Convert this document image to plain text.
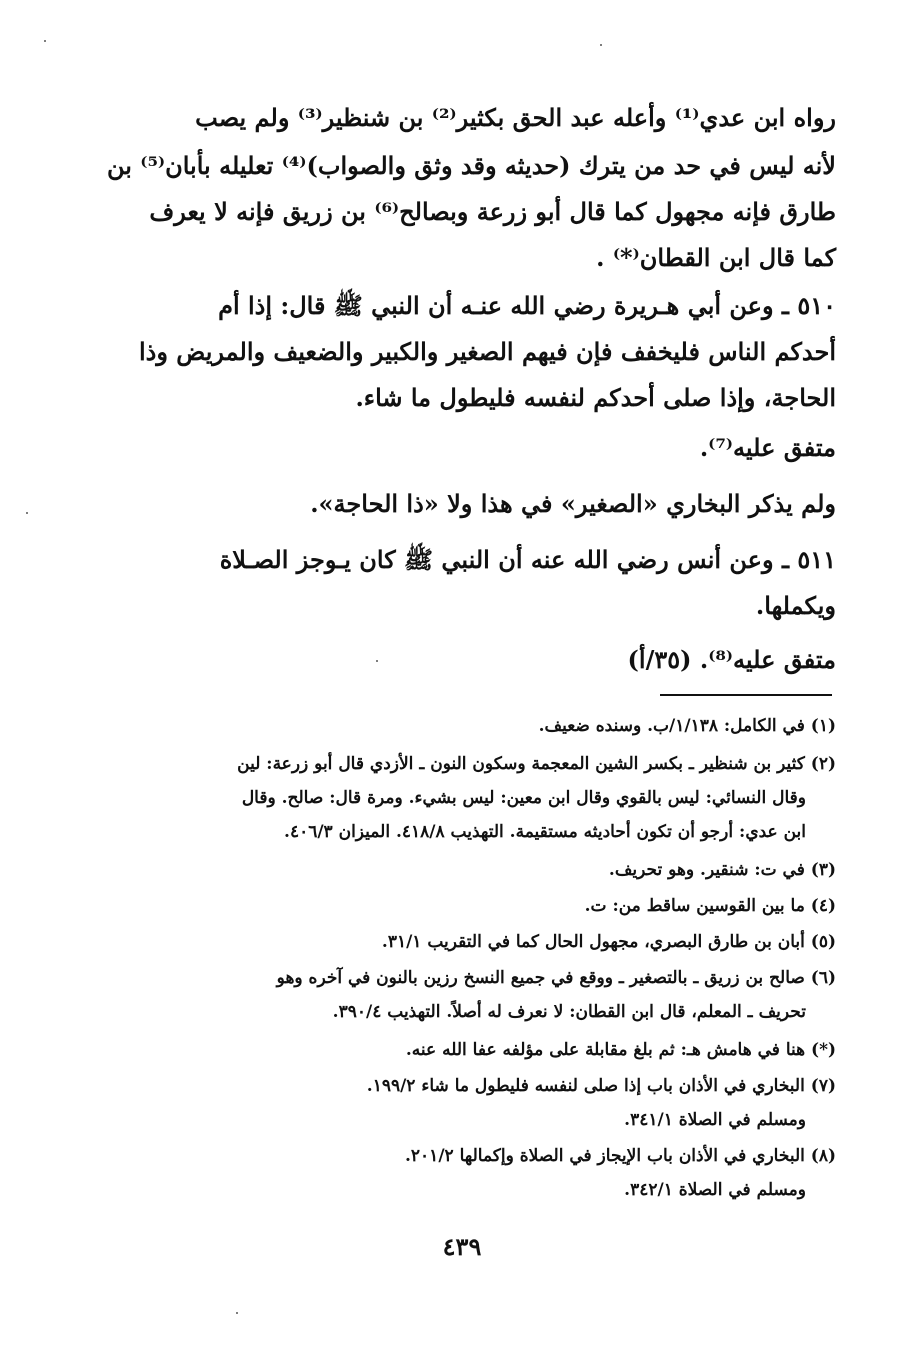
رواه ابن عدي⁽¹⁾ وأعله عبد الحق بكثير⁽²⁾ بن شنظير⁽³⁾ ولم يصب
لأنه ليس في حد من يترك (حديثه وقد وثق والصواب)⁽⁴⁾ تعليله بأبان⁽⁵⁾ بن
طارق فإنه مجهول كما قال أبو زرعة وبصالح⁽⁶⁾ بن زريق فإنه لا يعرف
كما قال ابن القطان⁽*⁾ .
٥١٠ ـ وعن أبي هـريرة رضي الله عنـه أن النبي ﷺ قال: إذا أم
أحدكم الناس فليخفف فإن فيهم الصغير والكبير والضعيف والمريض وذا
الحاجة، وإذا صلى أحدكم لنفسه فليطول ما شاء.
متفق عليه⁽⁷⁾.
ولم يذكر البخاري «الصغير» في هذا ولا «ذا الحاجة».
٥١١ ـ وعن أنس رضي الله عنه أن النبي ﷺ كان يـوجز الصـلاة
ويكملها.
متفق عليه⁽⁸⁾. (٣٥/أ)
(١) في الكامل: ١/١٣٨/ب. وسنده ضعيف.
(٢) كثير بن شنظير ـ بكسر الشين المعجمة وسكون النون ـ الأزدي قال أبو زرعة: لين
وقال النسائي: ليس بالقوي وقال ابن معين: ليس بشيء. ومرة قال: صالح. وقال
ابن عدي: أرجو أن تكون أحاديثه مستقيمة. التهذيب ٤١٨/٨. الميزان ٤٠٦/٣.
(٣) في ت: شنقير. وهو تحريف.
(٤) ما بين القوسين ساقط من: ت.
(٥) أبان بن طارق البصري، مجهول الحال كما في التقريب ٣١/١.
(٦) صالح بن زريق ـ بالتصغير ـ ووقع في جميع النسخ رزين بالنون في آخره وهو
تحريف ـ المعلم، قال ابن القطان: لا نعرف له أصلاً. التهذيب ٣٩٠/٤.
(*) هنا في هامش هـ: ثم بلغ مقابلة على مؤلفه عفا الله عنه.
(٧) البخاري في الأذان باب إذا صلى لنفسه فليطول ما شاء ١٩٩/٢.
ومسلم في الصلاة ٣٤١/١.
(٨) البخاري في الأذان باب الإيجاز في الصلاة وإكمالها ٢٠١/٢.
ومسلم في الصلاة ٣٤٢/١.
٤٣٩
